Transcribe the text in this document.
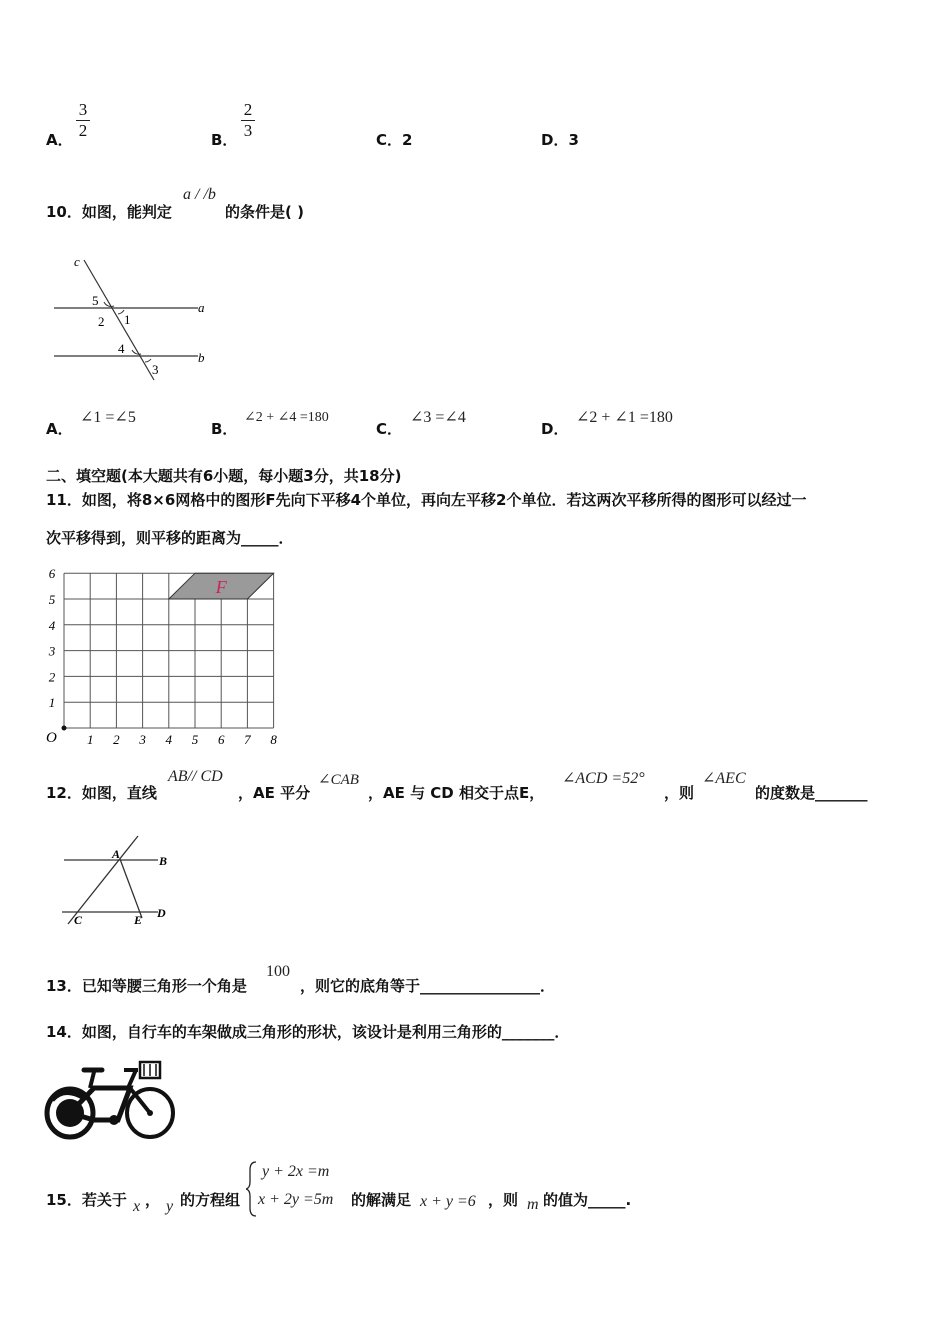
A．
3
2	B．
2
3	C．2	D．3
10．如图，能判定
a / /b
的条件是( )
c
5
2 1
a
4
3
b
A．
∠1 =∠5
B．
∠2 + ∠4 =180
C．
∠3 =∠4
D．
∠2 + ∠1 =180
二、填空题(本大题共有6小题，每小题3分，共18分)
11．如图，将8×6网格中的图形F先向下平移4个单位，再向左平移2个单位．若这两次平移所得的图形可以经过一
次平移得到，则平移的距离为_____．
F
O 1 2 3 4 5 6 7 8
1
2
3
4
5
6
12．如图，直线
AB// CD
，AE 平分
∠CAB
，AE 与 CD 相交于点E，
∠ACD =52°
，则
∠AEC
的度数是_______
A	B
C	E D
13．已知等腰三角形一个角是
100
，则它的底角等于________________．
14．如图，自行车的车架做成三角形的形状，该设计是利用三角形的_______．
15．若关于 x ， y 的方程组
y + 2x =m
x + 2y =5m 的解满足 x + y =6 ，则 m 的值为_____.
